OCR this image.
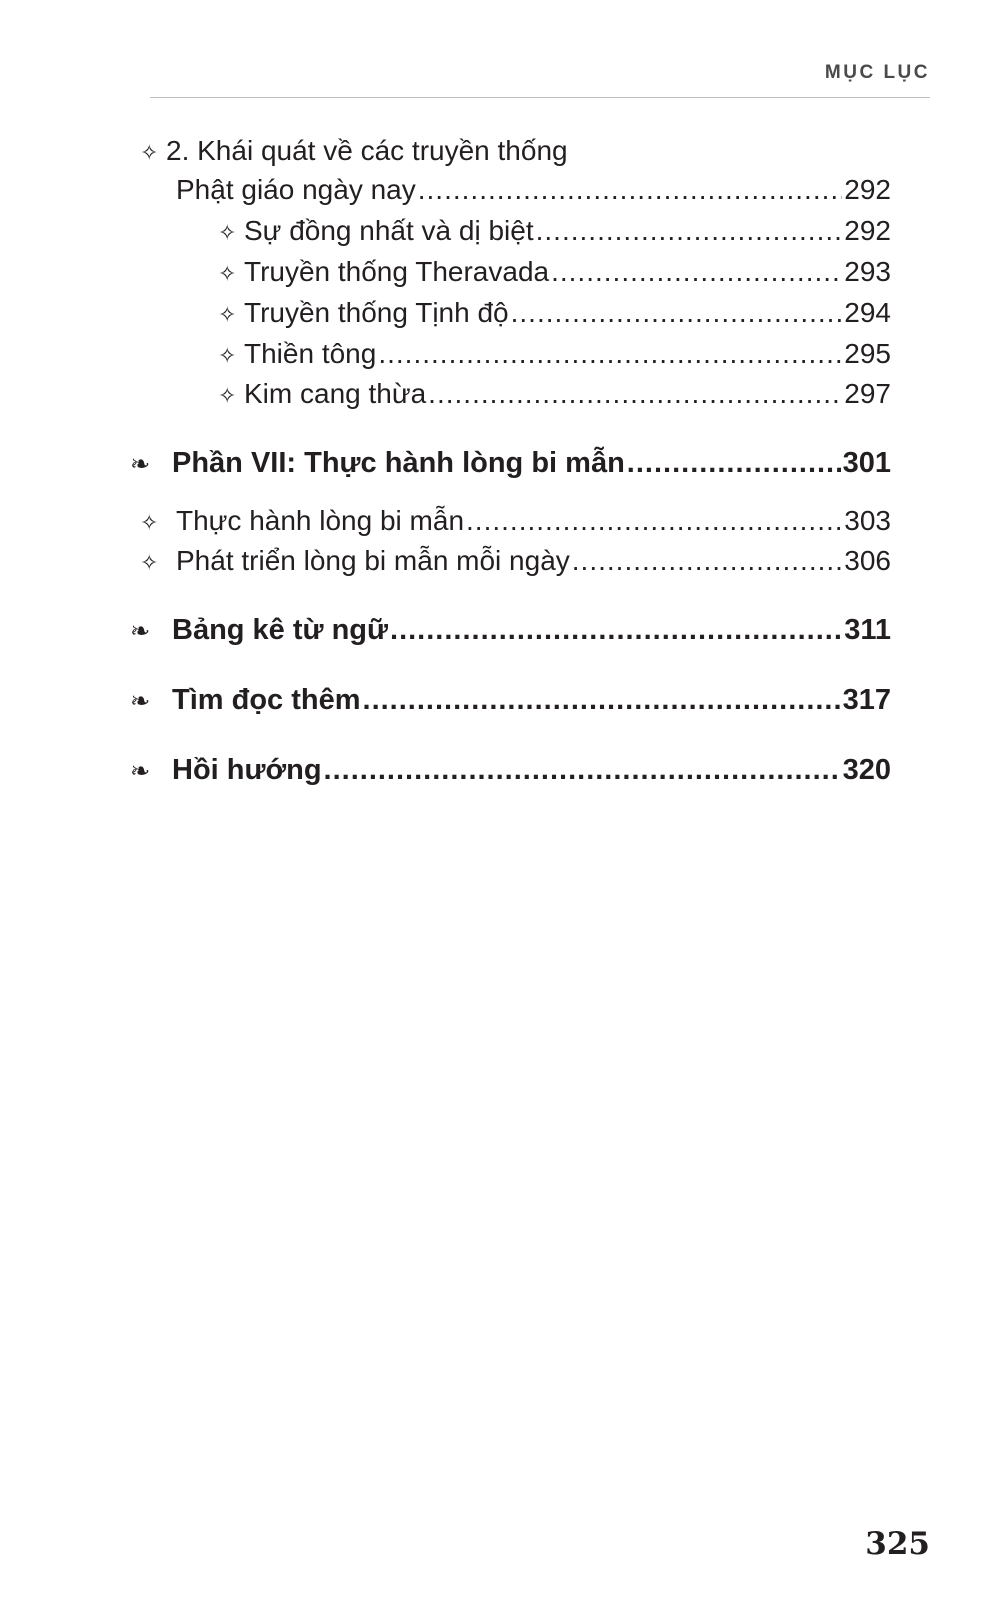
MỤC LỤC
✧ 2. Khái quát về các truyền thống
Phật giáo ngày nay .....	292
✧ Sự đồng nhất và dị biệt .....	292
✧ Truyền thống Theravada .....	293
✧ Truyền thống Tịnh độ .....	294
✧ Thiền tông .....	295
✧ Kim cang thừa .....	297
❧ Phần VII: Thực hành lòng bi mẫn .....	301
✧ Thực hành lòng bi mẫn .....	303
✧ Phát triển lòng bi mẫn mỗi ngày .....	306
❧ Bảng kê từ ngữ .....	311
❧ Tìm đọc thêm .....	317
❧ Hồi hướng .....	320
325
